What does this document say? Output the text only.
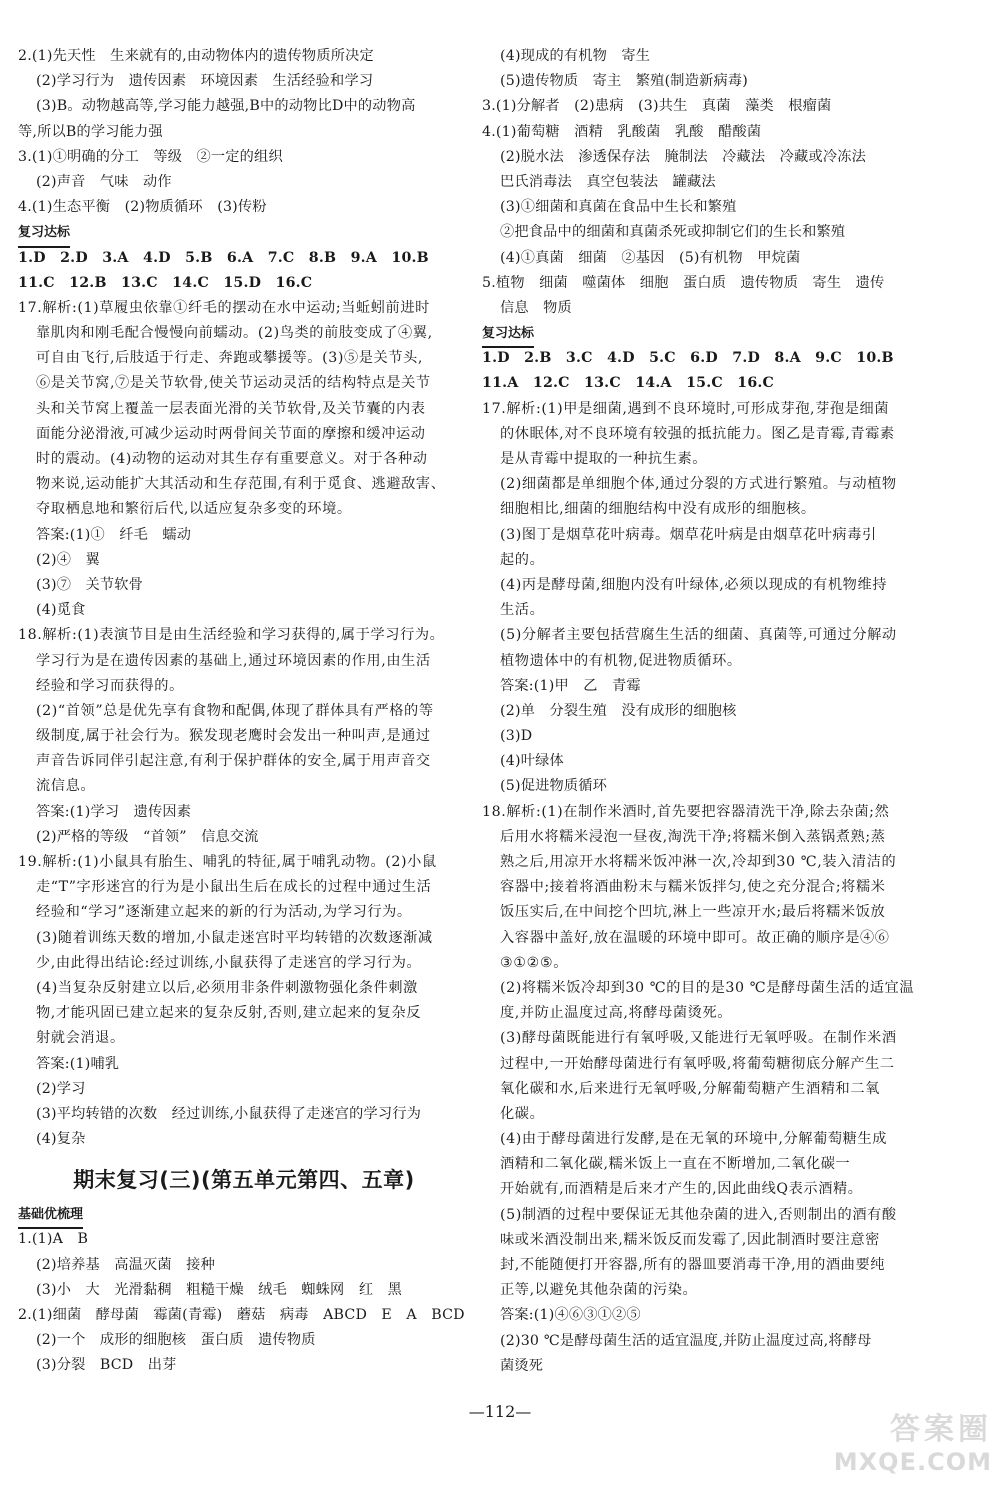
2.(1)先天性　生来就有的,由动物体内的遗传物质所决定
(2)学习行为　遗传因素　环境因素　生活经验和学习
(3)B。动物越高等,学习能力越强,B中的动物比D中的动物高
等,所以B的学习能力强
3.(1)①明确的分工　等级　②一定的组织
(2)声音　气味　动作
4.(1)生态平衡　(2)物质循环　(3)传粉
复习达标
1.D　2.D　3.A　4.D　5.B　6.A　7.C　8.B　9.A　10.B
11.C　12.B　13.C　14.C　15.D　16.C
17.解析:(1)草履虫依靠①纤毛的摆动在水中运动;当蚯蚓前进时
靠肌肉和刚毛配合慢慢向前蠕动。(2)鸟类的前肢变成了④翼,
可自由飞行,后肢适于行走、奔跑或攀援等。(3)⑤是关节头,
⑥是关节窝,⑦是关节软骨,使关节运动灵活的结构特点是关节
头和关节窝上覆盖一层表面光滑的关节软骨,及关节囊的内表
面能分泌滑液,可减少运动时两骨间关节面的摩擦和缓冲运动
时的震动。(4)动物的运动对其生存有重要意义。对于各种动
物来说,运动能扩大其活动和生存范围,有利于觅食、逃避敌害、
夺取栖息地和繁衍后代,以适应复杂多变的环境。
答案:(1)①　纤毛　蠕动
(2)④　翼
(3)⑦　关节软骨
(4)觅食
18.解析:(1)表演节目是由生活经验和学习获得的,属于学习行为。
学习行为是在遗传因素的基础上,通过环境因素的作用,由生活
经验和学习而获得的。
(2)“首领”总是优先享有食物和配偶,体现了群体具有严格的等
级制度,属于社会行为。猴发现老鹰时会发出一种叫声,是通过
声音告诉同伴引起注意,有利于保护群体的安全,属于用声音交
流信息。
答案:(1)学习　遗传因素
(2)严格的等级　“首领”　信息交流
19.解析:(1)小鼠具有胎生、哺乳的特征,属于哺乳动物。(2)小鼠
走“T”字形迷宫的行为是小鼠出生后在成长的过程中通过生活
经验和“学习”逐渐建立起来的新的行为活动,为学习行为。
(3)随着训练天数的增加,小鼠走迷宫时平均转错的次数逐渐减
少,由此得出结论:经过训练,小鼠获得了走迷宫的学习行为。
(4)当复杂反射建立以后,必须用非条件刺激物强化条件刺激
物,才能巩固已建立起来的复杂反射,否则,建立起来的复杂反
射就会消退。
答案:(1)哺乳
(2)学习
(3)平均转错的次数　经过训练,小鼠获得了走迷宫的学习行为
(4)复杂
期末复习(三)(第五单元第四、五章)
基础优梳理
1.(1)A　B
(2)培养基　高温灭菌　接种
(3)小　大　光滑黏稠　粗糙干燥　绒毛　蜘蛛网　红　黑
2.(1)细菌　酵母菌　霉菌(青霉)　蘑菇　病毒　ABCD　E　A　BCD
(2)一个　成形的细胞核　蛋白质　遗传物质
(3)分裂　BCD　出芽
(4)现成的有机物　寄生
(5)遗传物质　寄主　繁殖(制造新病毒)
3.(1)分解者　(2)患病　(3)共生　真菌　藻类　根瘤菌
4.(1)葡萄糖　酒精　乳酸菌　乳酸　醋酸菌
(2)脱水法　渗透保存法　腌制法　冷藏法　冷藏或冷冻法
巴氏消毒法　真空包装法　罐藏法
(3)①细菌和真菌在食品中生长和繁殖
②把食品中的细菌和真菌杀死或抑制它们的生长和繁殖
(4)①真菌　细菌　②基因　(5)有机物　甲烷菌
5.植物　细菌　噬菌体　细胞　蛋白质　遗传物质　寄生　遗传
信息　物质
复习达标
1.D　2.B　3.C　4.D　5.C　6.D　7.D　8.A　9.C　10.B
11.A　12.C　13.C　14.A　15.C　16.C
17.解析:(1)甲是细菌,遇到不良环境时,可形成芽孢,芽孢是细菌
的休眠体,对不良环境有较强的抵抗能力。图乙是青霉,青霉素
是从青霉中提取的一种抗生素。
(2)细菌都是单细胞个体,通过分裂的方式进行繁殖。与动植物
细胞相比,细菌的细胞结构中没有成形的细胞核。
(3)图丁是烟草花叶病毒。烟草花叶病是由烟草花叶病毒引
起的。
(4)丙是酵母菌,细胞内没有叶绿体,必须以现成的有机物维持
生活。
(5)分解者主要包括营腐生生活的细菌、真菌等,可通过分解动
植物遗体中的有机物,促进物质循环。
答案:(1)甲　乙　青霉
(2)单　分裂生殖　没有成形的细胞核
(3)D
(4)叶绿体
(5)促进物质循环
18.解析:(1)在制作米酒时,首先要把容器清洗干净,除去杂菌;然
后用水将糯米浸泡一昼夜,淘洗干净;将糯米倒入蒸锅煮熟;蒸
熟之后,用凉开水将糯米饭冲淋一次,冷却到30 ℃,装入清洁的
容器中;接着将酒曲粉末与糯米饭拌匀,使之充分混合;将糯米
饭压实后,在中间挖个凹坑,淋上一些凉开水;最后将糯米饭放
入容器中盖好,放在温暖的环境中即可。故正确的顺序是④⑥
③①②⑤。
(2)将糯米饭冷却到30 ℃的目的是30 ℃是酵母菌生活的适宜温
度,并防止温度过高,将酵母菌烫死。
(3)酵母菌既能进行有氧呼吸,又能进行无氧呼吸。在制作米酒
过程中,一开始酵母菌进行有氧呼吸,将葡萄糖彻底分解产生二
氧化碳和水,后来进行无氧呼吸,分解葡萄糖产生酒精和二氧
化碳。
(4)由于酵母菌进行发酵,是在无氧的环境中,分解葡萄糖生成
酒精和二氧化碳,糯米饭上一直在不断增加,二氧化碳一
开始就有,而酒精是后来才产生的,因此曲线Q表示酒精。
(5)制酒的过程中要保证无其他杂菌的进入,否则制出的酒有酸
味或米酒没制出来,糯米饭反而发霉了,因此制酒时要注意密
封,不能随便打开容器,所有的器皿要消毒干净,用的酒曲要纯
正等,以避免其他杂菌的污染。
答案:(1)④⑥③①②⑤
(2)30 ℃是酵母菌生活的适宜温度,并防止温度过高,将酵母
菌烫死
—112—
答案圈
MXQE.COM
